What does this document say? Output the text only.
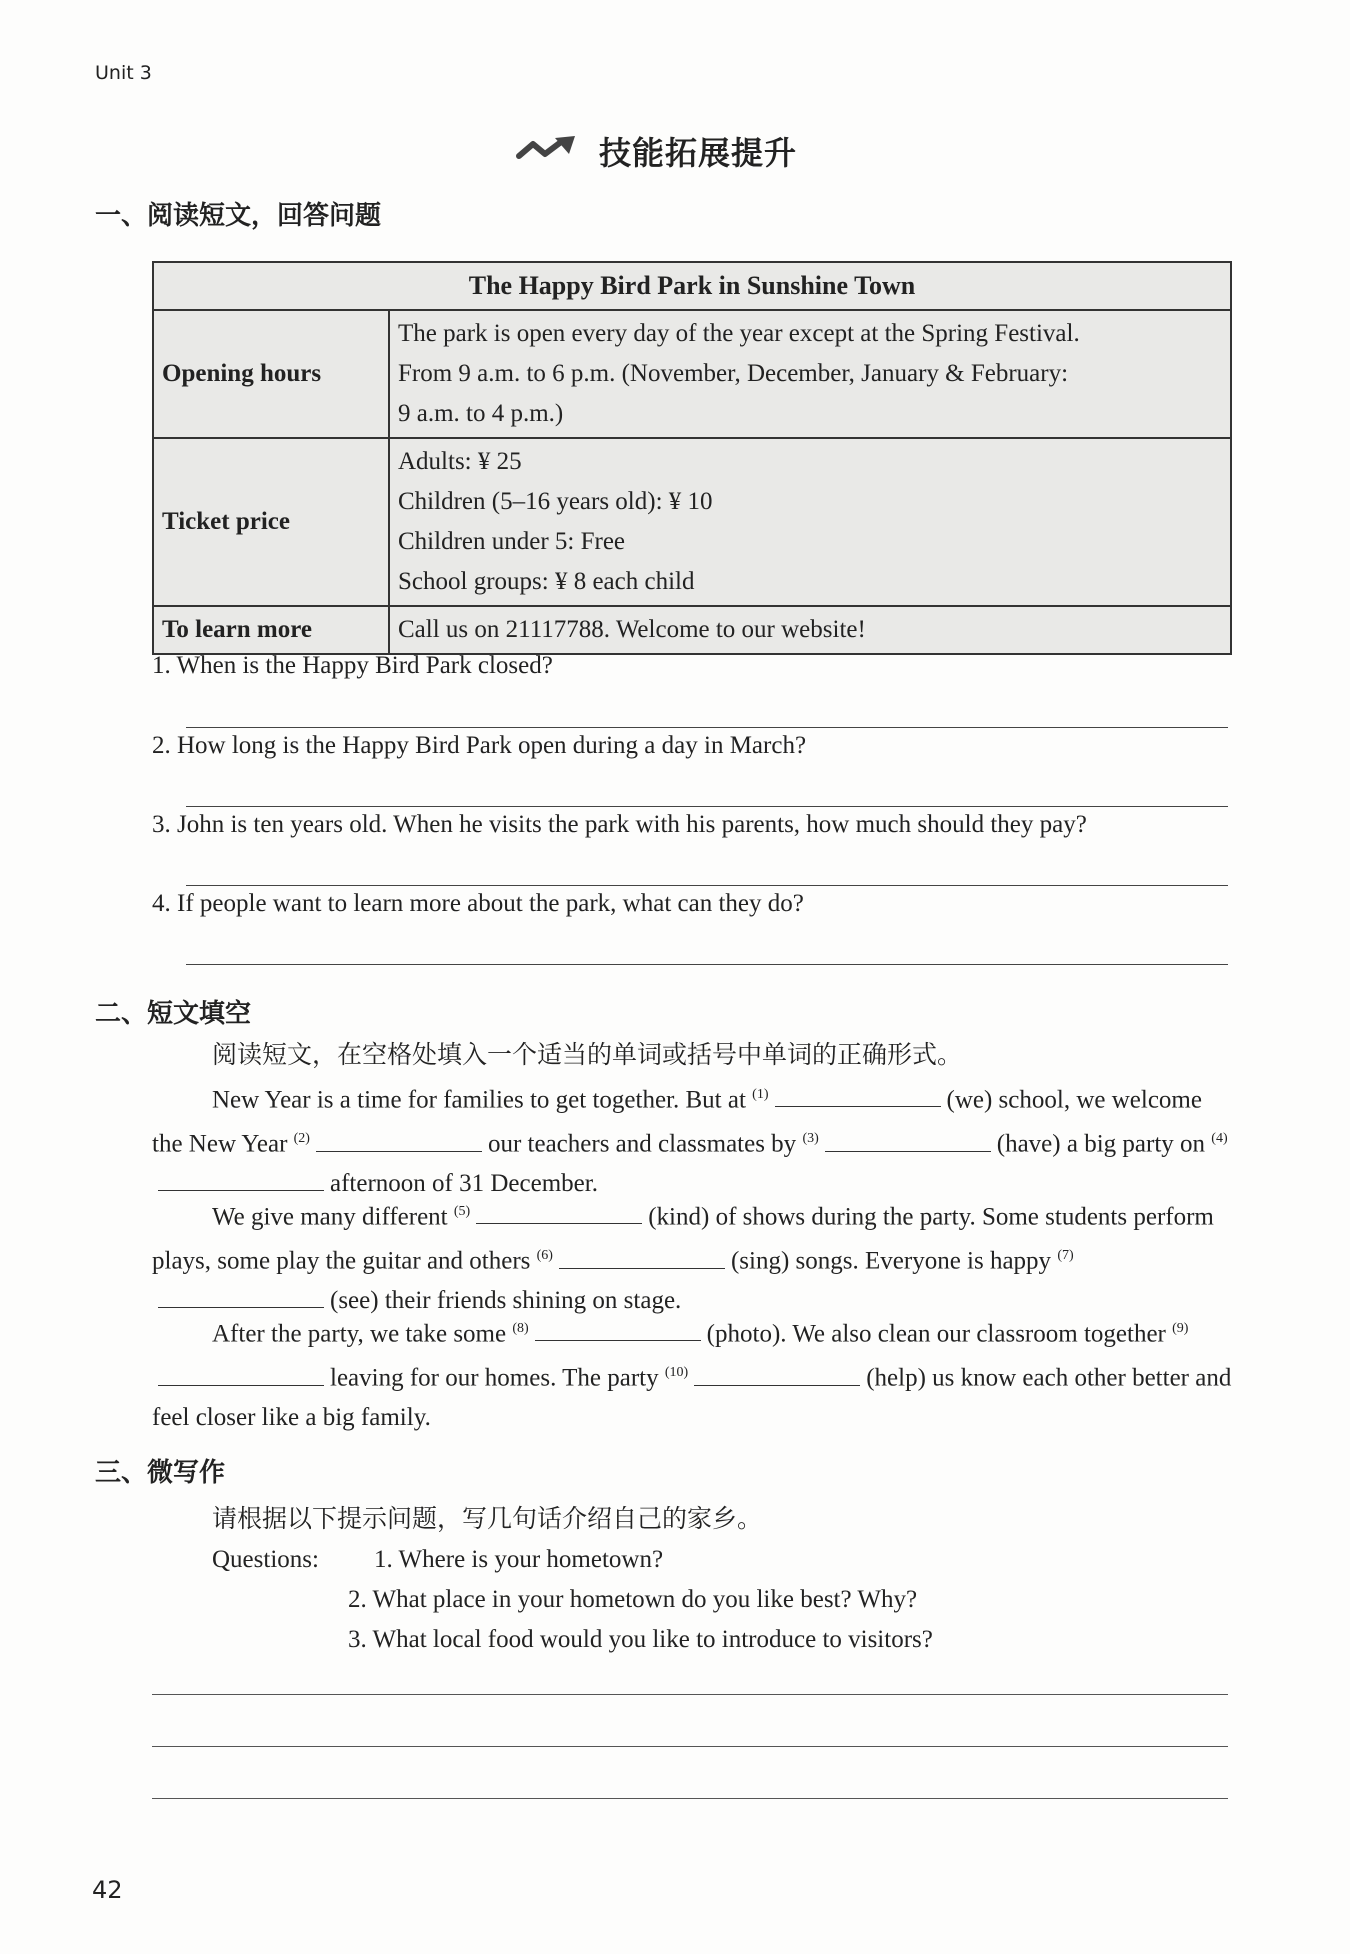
Unit 3
技能拓展提升
一、阅读短文，回答问题
The Happy Bird Park in Sunshine Town	
Opening hours	The park is open every day of the year except at the Spring Festival.
From 9 a.m. to 6 p.m. (November, December, January & February:
9 a.m. to 4 p.m.)

Ticket price	Adults: ¥ 25
Children (5–16 years old): ¥ 10
Children under 5: Free
School groups: ¥ 8 each child

To learn more	Call us on 21117788. Welcome to our website!
1. When is the Happy Bird Park closed?
2. How long is the Happy Bird Park open during a day in March?
3. John is ten years old. When he visits the park with his parents, how much should they pay?
4. If people want to learn more about the park, what can they do?
二、短文填空
阅读短文，在空格处填入一个适当的单词或括号中单词的正确形式。
New Year is a time for families to get together. But at $^{(1)}$	(we) school, we welcome the New Year $^{(2)}$	our teachers and classmates by $^{(3)}$	(have) a big party on $^{(4)}$afternoon of 31 December.
We give many different $^{(5)}$	(kind) of shows during the party. Some students perform plays, some play the guitar and others $^{(6)}$	(sing) songs. Everyone is happy $^{(7)}$(see) their friends shining on stage.
After the party, we take some $^{(8)}$	(photo). We also clean our classroom together $^{(9)}$leaving for our homes. The party $^{(10)}$	(help) us know each other better and feel closer like a big family.
三、微写作
请根据以下提示问题，写几句话介绍自己的家乡。
Questions:	1. Where is your hometown?
2. What place in your hometown do you like best? Why?
3. What local food would you like to introduce to visitors?
42
